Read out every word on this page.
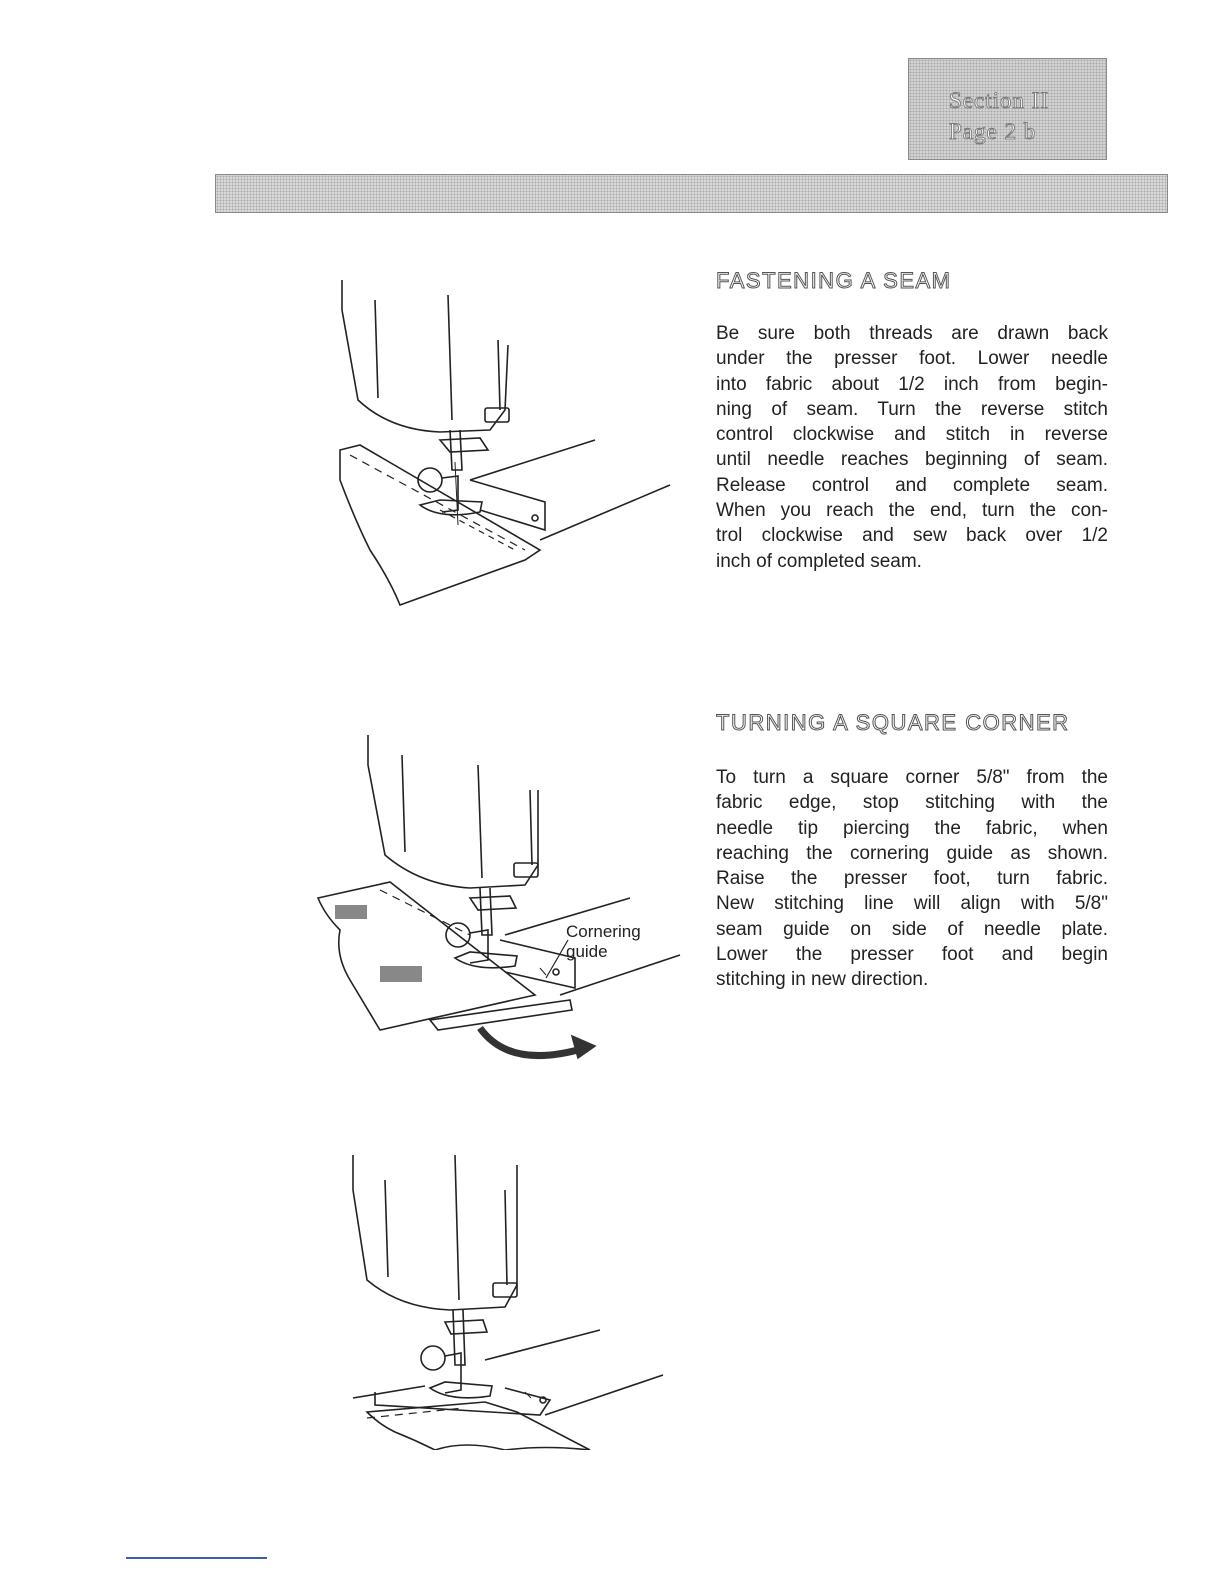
Section II
Page 2 b
FASTENING A SEAM
Be sure both threads are drawn back
under the presser foot. Lower needle
into fabric about 1/2 inch from begin-
ning of seam. Turn the reverse stitch
control clockwise and stitch in reverse
until needle reaches beginning of seam.
Release control and complete seam.
When you reach the end, turn the con-
trol clockwise and sew back over 1/2
inch of completed seam.
Cornering
guide
TURNING A SQUARE CORNER
To turn a square corner 5/8" from the
fabric edge, stop stitching with the
needle tip piercing the fabric, when
reaching the cornering guide as shown.
Raise the presser foot, turn fabric.
New stitching line will align with 5/8"
seam guide on side of needle plate.
Lower the presser foot and begin
stitching in new direction.
